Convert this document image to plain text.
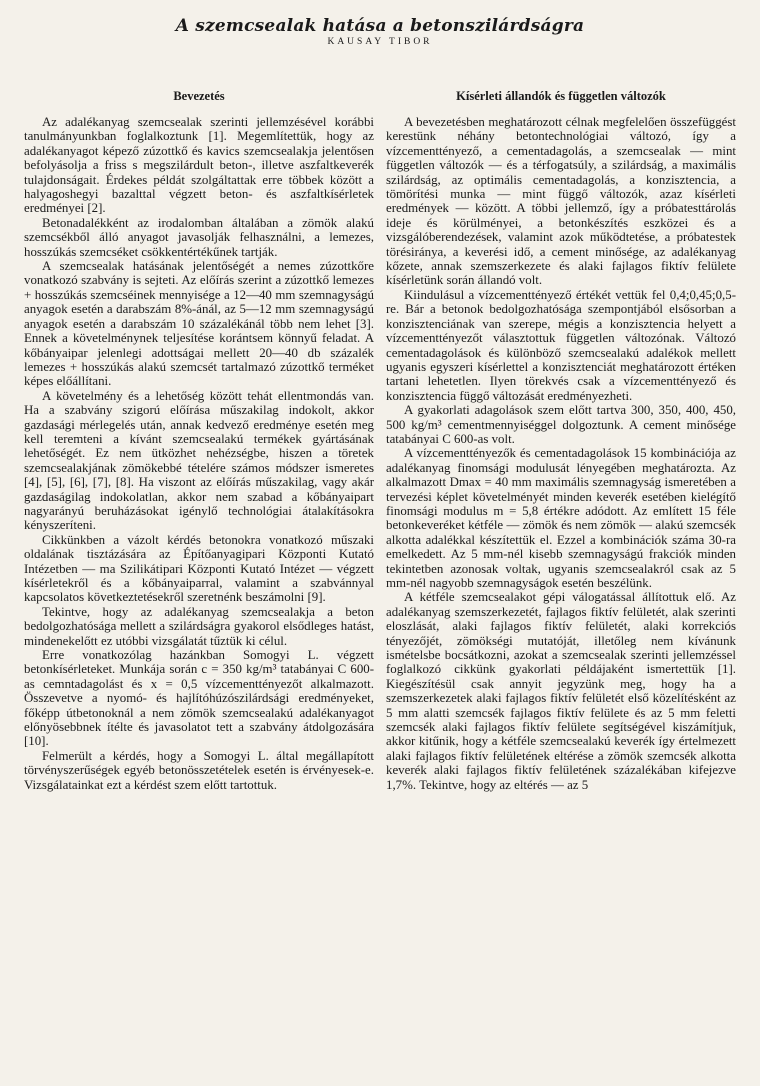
A szemcsealak hatása a betonszilárdságra
KAUSAY TIBOR
Bevezetés

Az adalékanyag szemcsealak szerinti jellemzésével korábbi tanulmányunkban foglalkoztunk [1]. Megemlítettük, hogy az adalékanyagot képező zúzottkő és kavics szemcsealakja jelentősen befolyásolja a friss s megszilárdult beton-, illetve aszfaltkeverék tulajdonságait. Érdekes példát szolgáltattak erre többek között a halyagoshegyi bazalttal végzett beton- és aszfaltkísérletek eredményei [2].

Betonadalékként az irodalomban általában a zömök alakú szemcsékből álló anyagot javasolják felhasználni, a lemezes, hosszúkás szemcséket csökkentértékűnek tartják.

A szemcsealak hatásának jelentőségét a nemes zúzottkőre vonatkozó szabvány is sejteti. Az előírás szerint a zúzottkő lemezes + hosszúkás szemcséinek mennyisége a 12—40 mm szemnagyságú anyagok esetén a darabszám 8%-ánál, az 5—12 mm szemnagyságú anyagok esetén a darabszám 10 százalékánál több nem lehet [3]. Ennek a követelménynek teljesítése korántsem könnyű feladat. A kőbányaipar jelenlegi adottságai mellett 20—40 db százalék lemezes + hosszúkás alakú szemcsét tartalmazó zúzottkő terméket képes előállítani.

A követelmény és a lehetőség között tehát ellentmondás van. Ha a szabvány szigorú előírása műszakilag indokolt, akkor gazdasági mérlegelés után, annak kedvező eredménye esetén meg kell teremteni a kívánt szemcsealakú termékek gyártásának lehetőségét. Ez nem ütközhet nehézségbe, hiszen a töretek szemcsealakjának zömökebbé tételére számos módszer ismeretes [4], [5], [6], [7], [8]. Ha viszont az előírás műszakilag, vagy akár gazdaságilag indokolatlan, akkor nem szabad a kőbányaipart nagyarányú beruházásokat igénylő technológiai átalakításokra kényszeríteni.

Cikkünkben a vázolt kérdés betonokra vonatkozó műszaki oldalának tisztázására az Építőanyagipari Központi Kutató Intézetben — ma Szilikátipari Központi Kutató Intézet — végzett kísérletekről és a kőbányaiparral, valamint a szabvánnyal kapcsolatos következtetésekről szeretnénk beszámolni [9].

Tekintve, hogy az adalékanyag szemcsealakja a beton bedolgozhatósága mellett a szilárdságra gyakorol elsődleges hatást, mindenekelőtt ez utóbbi vizsgálatát tűztük ki célul.

Erre vonatkozólag hazánkban Somogyi L. végzett betonkísérleteket. Munkája során c = 350 kg/m³ tatabányai C 600-as cemntadagolást és x = 0,5 vízcementtényezőt alkalmazott. Összevetve a nyomó- és hajlítóhúzószilárdsági eredményeket, főképp útbetonoknál a nem zömök szemcsealakú adalékanyagot előnyösebbnek ítélte és javasolatot tett a szabvány átdolgozására [10].

Felmerült a kérdés, hogy a Somogyi L. által megállapított törvényszerűségek egyéb betonösszetételek esetén is érvényesek-e. Vizsgálatainkat ezt a kérdést szem előtt tartottuk.

Kísérleti állandók és független változók

A bevezetésben meghatározott célnak megfelelően összefüggést kerestünk néhány betontechnológiai változó, így a vízcementtényező, a cementadagolás, a szemcsealak — mint független változók — és a térfogatsúly, a szilárdság, a maximális szilárdság, az optimális cementadagolás, a konzisztencia, a tömörítési munka — mint függő változók, azaz kísérleti eredmények — között. A többi jellemző, így a próbatesttárolás ideje és körülményei, a betonkészítés eszközei és a vizsgálóberendezések, valamint azok működtetése, a próbatestek törésiránya, a keverési idő, a cement minősége, az adalékanyag kőzete, annak szemszerkezete és alaki fajlagos fiktív felülete kísérletünk során állandó volt.

Kiindulásul a vízcementtényező értékét vettük fel 0,4;0,45;0,5-re. Bár a betonok bedolgozhatósága szempontjából elsősorban a konzisztenciának van szerepe, mégis a konzisztencia helyett a vízcementtényezőt választottuk független változónak. Változó cementadagolások és különböző szemcsealakú adalékok mellett ugyanis egyszeri kísérlettel a konzisztenciát meghatározott értéken tartani lehetetlen. Ilyen törekvés csak a vízcementtényező és konzisztencia függő változását eredményezheti.

A gyakorlati adagolások szem előtt tartva 300, 350, 400, 450, 500 kg/m³ cementmennyiséggel dolgoztunk. A cement minősége tatabányai C 600-as volt.

A vízcementtényezők és cementadagolások 15 kombinációja az adalékanyag finomsági modulusát lényegében meghatározta. Az alkalmazott Dmax = 40 mm maximális szemnagyság ismeretében a tervezési képlet követelményét minden keverék esetében kielégítő finomsági modulus m = 5,8 értékre adódott. Az említett 15 féle betonkeveréket kétféle — zömök és nem zömök — alakú szemcsék alkotta adalékkal készítettük el. Ezzel a kombinációk száma 30-ra emelkedett. Az 5 mm-nél kisebb szemnagyságú frakciók minden tekintetben azonosak voltak, ugyanis szemcsealakról csak az 5 mm-nél nagyobb szemnagyságok esetén beszélünk.

A kétféle szemcsealakot gépi válogatással állítottuk elő. Az adalékanyag szemszerkezetét, fajlagos fiktív felületét, alak szerinti eloszlását, alaki fajlagos fiktív felületét, alaki korrekciós tényezőjét, zömökségi mutatóját, illetőleg nem kívánunk ismételsbe bocsátkozni, azokat a szemcsealak szerinti jellemzéssel foglalkozó cikkünk gyakorlati példájaként ismertettük [1]. Kiegészítésül csak annyit jegyzünk meg, hogy ha a szemszerkezetek alaki fajlagos fiktív felületét első közelítésként az 5 mm alatti szemcsék fajlagos fiktív felülete és az 5 mm feletti szemcsék alaki fajlagos fiktív felülete segítségével kiszámítjuk, akkor kitűnik, hogy a kétféle szemcsealakú keverék így értelmezett alaki fajlagos fiktív felületének eltérése a zömök szemcsék alkotta keverék alaki fajlagos fiktív felületének százalékában kifejezve 1,7%. Tekintve, hogy az eltérés — az 5
